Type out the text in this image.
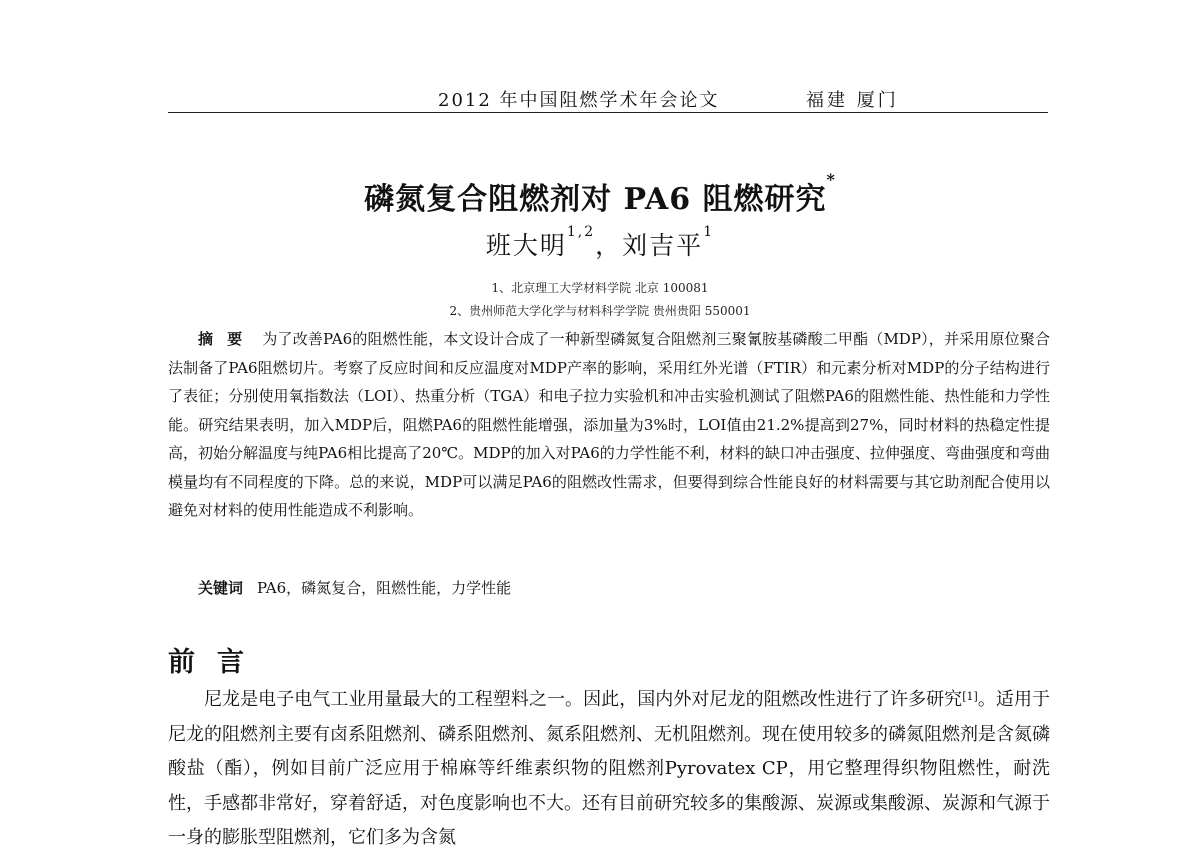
2012 年中国阻燃学术年会论文	福建 厦门
磷氮复合阻燃剂对 PA6 阻燃研究*
班大明$^{1,2}$，刘吉平$^1$
1、北京理工大学材料学院 北京 100081
2、贵州师范大学化学与材料科学学院 贵州贵阳 550001
摘要 为了改善PA6的阻燃性能，本文设计合成了一种新型磷氮复合阻燃剂三聚氰胺基磷酸二甲酯（MDP），并采用原位聚合法制备了PA6阻燃切片。考察了反应时间和反应温度对MDP产率的影响，采用红外光谱（FTIR）和元素分析对MDP的分子结构进行了表征；分别使用氧指数法（LOI）、热重分析（TGA）和电子拉力实验机和冲击实验机测试了阻燃PA6的阻燃性能、热性能和力学性能。研究结果表明，加入MDP后，阻燃PA6的阻燃性能增强，添加量为3%时，LOI值由21.2%提高到27%，同时材料的热稳定性提高，初始分解温度与纯PA6相比提高了20℃。MDP的加入对PA6的力学性能不利，材料的缺口冲击强度、拉伸强度、弯曲强度和弯曲模量均有不同程度的下降。总的来说，MDP可以满足PA6的阻燃改性需求，但要得到综合性能良好的材料需要与其它助剂配合使用以避免对材料的使用性能造成不利影响。
关键词 PA6，磷氮复合，阻燃性能，力学性能
前言
尼龙是电子电气工业用量最大的工程塑料之一。因此，国内外对尼龙的阻燃改性进行了许多研究[1]。适用于尼龙的阻燃剂主要有卤系阻燃剂、磷系阻燃剂、氮系阻燃剂、无机阻燃剂。现在使用较多的磷氮阻燃剂是含氮磷酸盐（酯），例如目前广泛应用于棉麻等纤维素织物的阻燃剂Pyrovatex CP，用它整理得织物阻燃性，耐洗性，手感都非常好，穿着舒适，对色度影响也不大。还有目前研究较多的集酸源、炭源或集酸源、炭源和气源于一身的膨胀型阻燃剂，它们多为含氮
